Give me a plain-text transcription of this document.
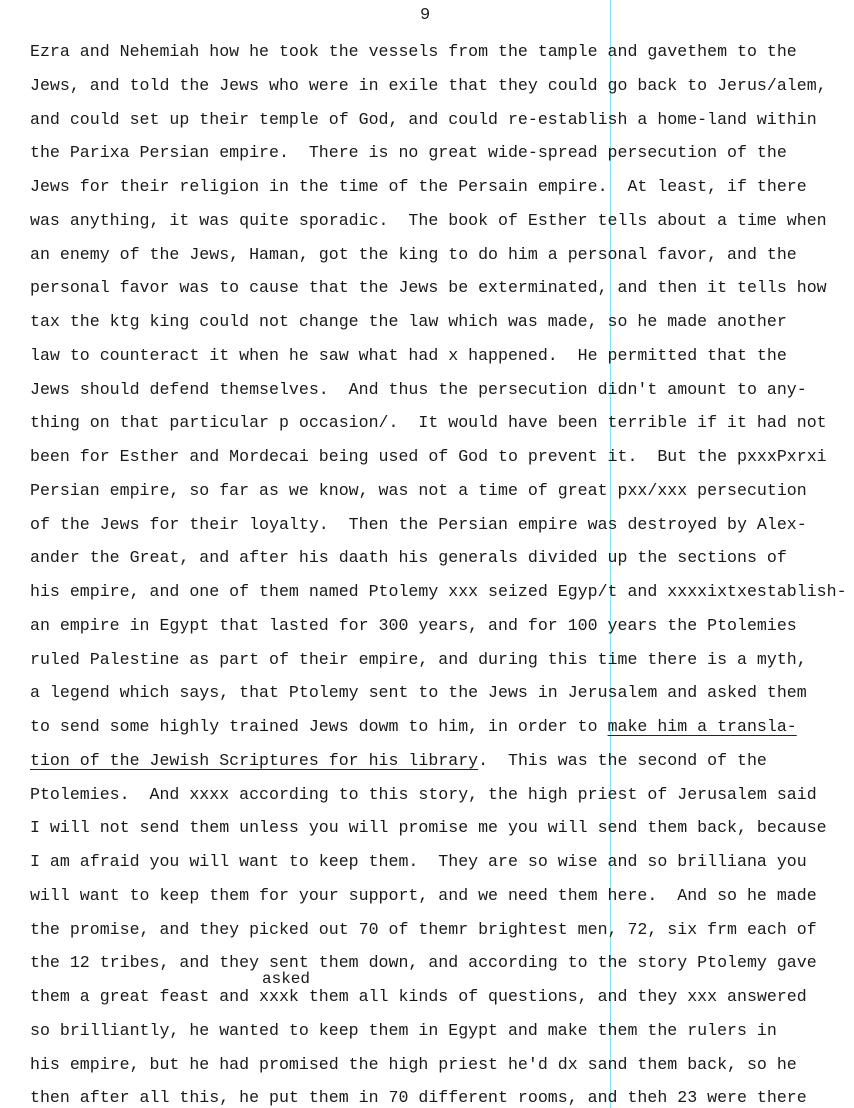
9
asked
Ezra and Nehemiah how he took the vessels from the tample and gavethem to the
Jews, and told the Jews who were in exile that they could go back to Jerus/alem,
and could set up their temple of God, and could re-establish a home-land within
the Parixa Persian empire.  There is no great wide-spread persecution of the
Jews for their religion in the time of the Persain empire.  At least, if there
was anything, it was quite sporadic.  The book of Esther tells about a time when
an enemy of the Jews, Haman, got the king to do him a personal favor, and the
personal favor was to cause that the Jews be exterminated, and then it tells how
tax the ktg king could not change the law which was made, so he made another
law to counteract it when he saw what had x happened.  He permitted that the
Jews should defend themselves.  And thus the persecution didn't amount to any-
thing on that particular p occasion/.  It would have been terrible if it had not
been for Esther and Mordecai being used of God to prevent it.  But the pxxxPxrxi
Persian empire, so far as we know, was not a time of great pxx/xxx persecution
of the Jews for their loyalty.  Then the Persian empire was destroyed by Alex-
ander the Great, and after his daath his generals divided up the sections of
his empire, and one of them named Ptolemy xxx seized Egyp/t and xxxxixtxestablish-
an empire in Egypt that lasted for 300 years, and for 100 years the Ptolemies
ruled Palestine as part of their empire, and during this time there is a myth,
a legend which says, that Ptolemy sent to the Jews in Jerusalem and asked them
to send some highly trained Jews dowm to him, in order to make him a transla-
tion of the Jewish Scriptures for his library.  This was the second of the
Ptolemies.  And xxxx according to this story, the high priest of Jerusalem said
I will not send them unless you will promise me you will send them back, because
I am afraid you will want to keep them.  They are so wise and so brilliana you
will want to keep them for your support, and we need them here.  And so he made
the promise, and they picked out 70 of themr brightest men, 72, six frm each of
the 12 tribes, and they sent them down, and according to the story Ptolemy gave
them a great feast and xxxk them all kinds of questions, and they xxx answered
so brilliantly, he wanted to keep them in Egypt and make them the rulers in
his empire, but he had promised the high priest he'd dx sand them back, so he
then after all this, he put them in 70 different rooms, and theh 23 were there
